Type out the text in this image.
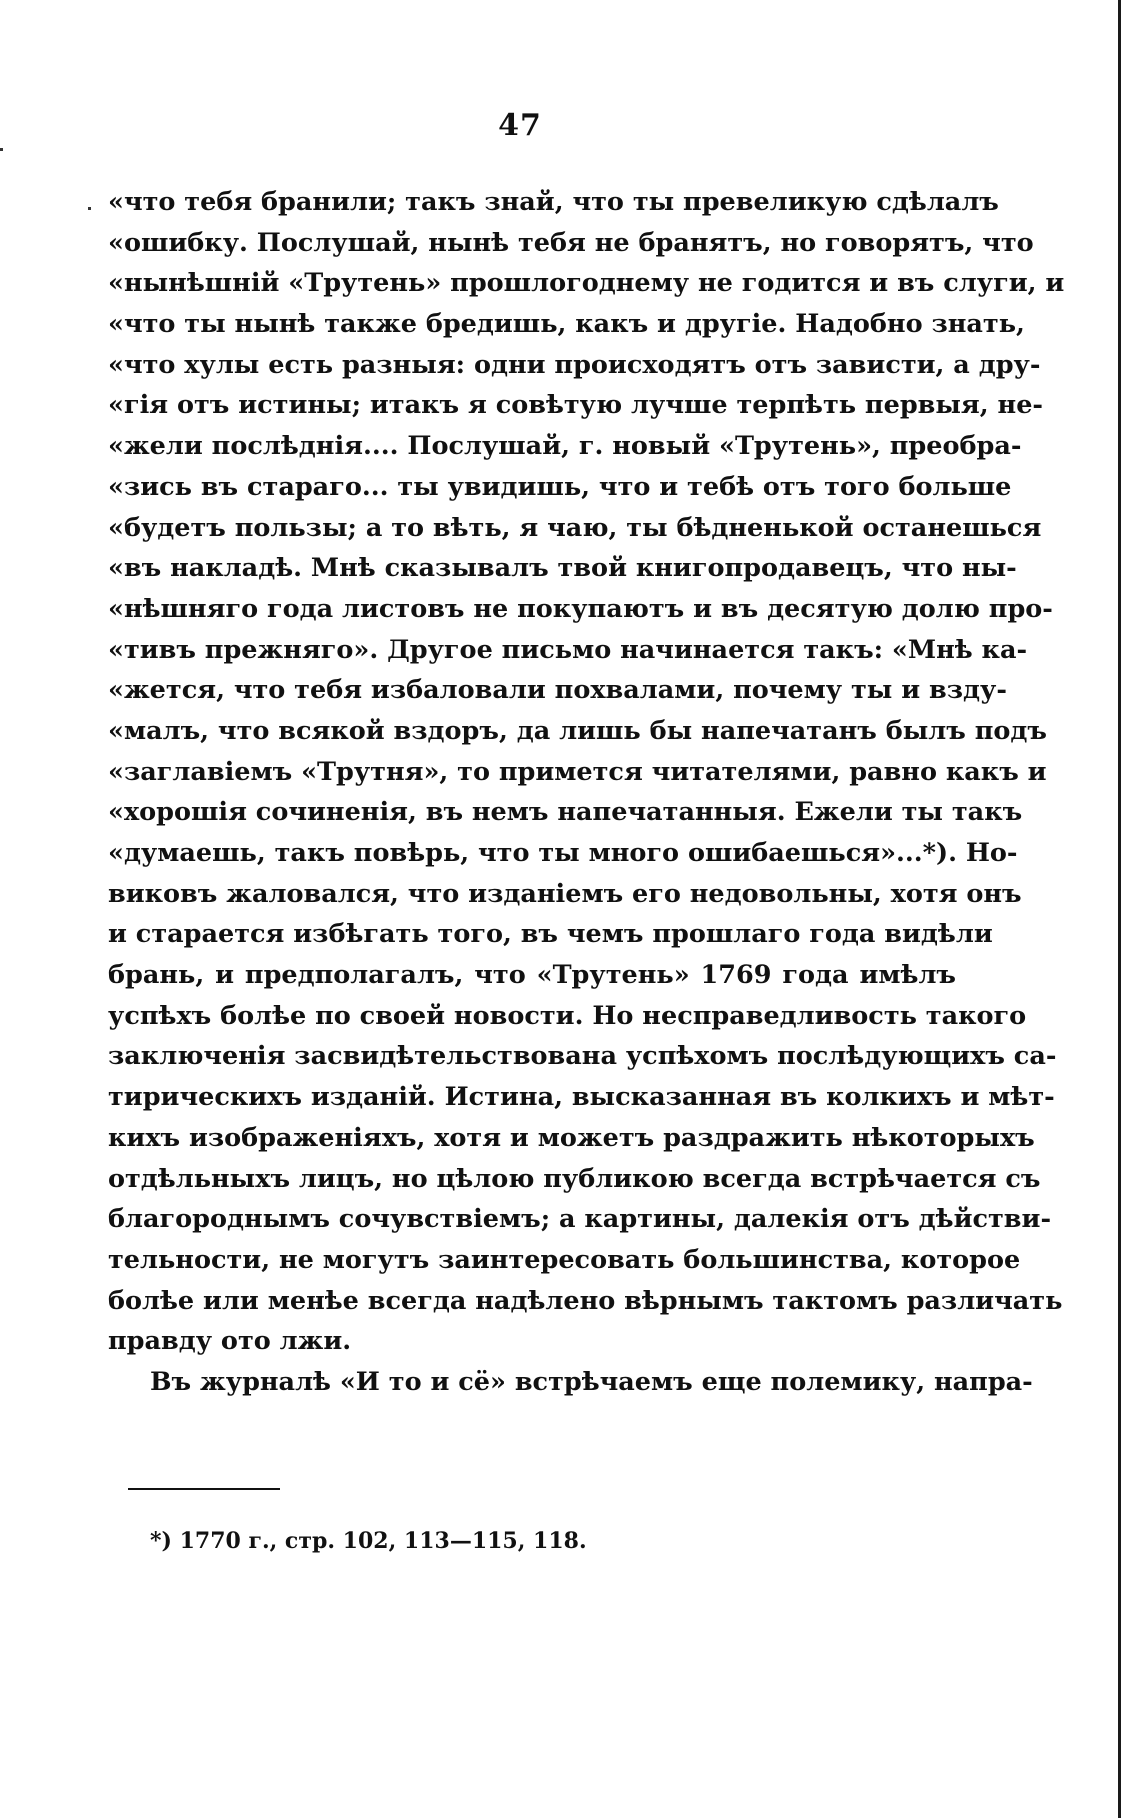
47
«что тебя бранили; такъ знай, что ты превеликую сдѣлалъ
«ошибку. Послушай, нынѣ тебя не бранятъ, но говорятъ, что
«нынѣшній «Трутень» прошлогоднему не годится и въ слуги, и
«что ты нынѣ также бредишь, какъ и другіе. Надобно знать,
«что хулы есть разныя: одни происходятъ отъ зависти, а дру-
«гія отъ истины; итакъ я совѣтую лучше терпѣть первыя, не-
«жели послѣднія.... Послушай, г. новый «Трутень», преобра-
«зись въ стараго... ты увидишь, что и тебѣ отъ того больше
«будетъ пользы; а то вѣть, я чаю, ты бѣдненькой останешься
«въ накладѣ. Мнѣ сказывалъ твой книгопродавецъ, что ны-
«нѣшняго года листовъ не покупаютъ и въ десятую долю про-
«тивъ прежняго». Другое письмо начинается такъ: «Мнѣ ка-
«жется, что тебя избаловали похвалами, почему ты и взду-
«малъ, что всякой вздоръ, да лишь бы напечатанъ былъ подъ
«заглавіемъ «Трутня», то примется читателями, равно какъ и
«хорошія сочиненія, въ немъ напечатанныя. Ежели ты такъ
«думаешь, такъ повѣрь, что ты много ошибаешься»...*). Но-
виковъ жаловался, что изданіемъ его недовольны, хотя онъ
и старается избѣгать того, въ чемъ прошлаго года видѣли
брань, и предполагалъ, что «Трутень» 1769 года имѣлъ
успѣхъ болѣе по своей новости. Но несправедливость такого
заключенія засвидѣтельствована успѣхомъ послѣдующихъ са-
тирическихъ изданій. Истина, высказанная въ колкихъ и мѣт-
кихъ изображеніяхъ, хотя и можетъ раздражить нѣкоторыхъ
отдѣльныхъ лицъ, но цѣлою публикою всегда встрѣчается съ
благороднымъ сочувствіемъ; а картины, далекія отъ дѣйстви-
тельности, не могутъ заинтересовать большинства, которое
болѣе или менѣе всегда надѣлено вѣрнымъ тактомъ различать
правду ото лжи.
Въ журналѣ «И то и сё» встрѣчаемъ еще полемику, напра-
*) 1770 г., стр. 102, 113—115, 118.
